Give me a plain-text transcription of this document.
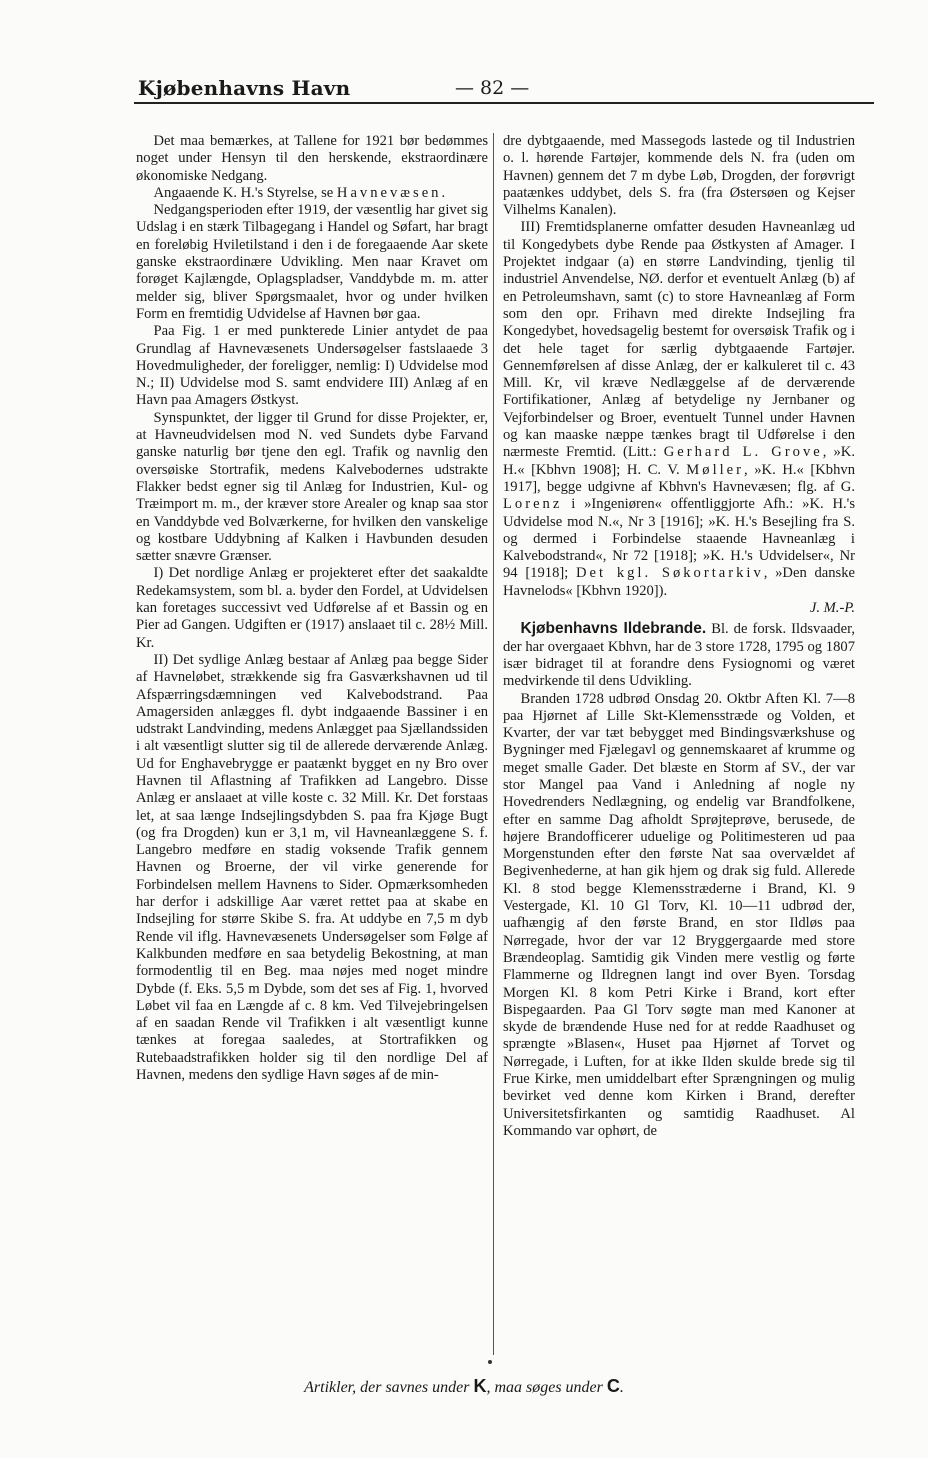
Kjøbenhavns Havn	— 82 —

Det maa bemærkes, at Tallene for 1921 bør bedømmes noget under Hensyn til den herskende, ekstraordinære økonomiske Nedgang.

Angaaende K. H.'s Styrelse, se Havnevæsen.

Nedgangsperioden efter 1919, der væsentlig har givet sig Udslag i en stærk Tilbagegang i Handel og Søfart, har bragt en foreløbig Hviletilstand i den i de foregaaende Aar skete ganske ekstraordinære Udvikling. Men naar Kravet om forøget Kajlængde, Oplagspladser, Vanddybde m. m. atter melder sig, bliver Spørgsmaalet, hvor og under hvilken Form en fremtidig Udvidelse af Havnen bør gaa.

Paa Fig. 1 er med punkterede Linier antydet de paa Grundlag af Havnevæsenets Undersøgelser fastslaaede 3 Hovedmuligheder, der foreligger, nemlig: I) Udvidelse mod N.; II) Udvidelse mod S. samt endvidere III) Anlæg af en Havn paa Amagers Østkyst.

Synspunktet, der ligger til Grund for disse Projekter, er, at Havneudvidelsen mod N. ved Sundets dybe Farvand ganske naturlig bør tjene den egl. Trafik og navnlig den oversøiske Stortrafik, medens Kalvebodernes udstrakte Flakker bedst egner sig til Anlæg for Industrien, Kul- og Træimport m. m., der kræver store Arealer og knap saa stor en Vanddybde ved Bolværkerne, for hvilken den vanskelige og kostbare Uddybning af Kalken i Havbunden desuden sætter snævre Grænser.

I) Det nordlige Anlæg er projekteret efter det saakaldte Redekamsystem, som bl. a. byder den Fordel, at Udvidelsen kan foretages successivt ved Udførelse af et Bassin og en Pier ad Gangen. Udgiften er (1917) anslaaet til c. 28½ Mill. Kr.

II) Det sydlige Anlæg bestaar af Anlæg paa begge Sider af Havneløbet, strækkende sig fra Gasværkshavnen ud til Afspærringsdæmningen ved Kalvebodstrand. Paa Amagersiden anlægges fl. dybt indgaaende Bassiner i en udstrakt Landvinding, medens Anlægget paa Sjællandssiden i alt væsentligt slutter sig til de allerede derværende Anlæg. Ud for Enghavebrygge er paatænkt bygget en ny Bro over Havnen til Aflastning af Trafikken ad Langebro. Disse Anlæg er anslaaet at ville koste c. 32 Mill. Kr. Det forstaas let, at saa længe Indsejlingsdybden S. paa fra Kjøge Bugt (og fra Drogden) kun er 3,1 m, vil Havneanlæggene S. f. Langebro medføre en stadig voksende Trafik gennem Havnen og Broerne, der vil virke generende for Forbindelsen mellem Havnens to Sider. Opmærksomheden har derfor i adskillige Aar været rettet paa at skabe en Indsejling for større Skibe S. fra. At uddybe en 7,5 m dyb Rende vil iflg. Havnevæsenets Undersøgelser som Følge af Kalkbunden medføre en saa betydelig Bekostning, at man formodentlig til en Beg. maa nøjes med noget mindre Dybde (f. Eks. 5,5 m Dybde, som det ses af Fig. 1, hvorved Løbet vil faa en Længde af c. 8 km. Ved Tilvejebringelsen af en saadan Rende vil Trafikken i alt væsentligt kunne tænkes at foregaa saaledes, at Stortrafikken og Rutebaadstrafikken holder sig til den nordlige Del af Havnen, medens den sydlige Havn søges af de min-

dre dybtgaaende, med Massegods lastede og til Industrien o. l. hørende Fartøjer, kommende dels N. fra (uden om Havnen) gennem det 7 m dybe Løb, Drogden, der forøvrigt paatænkes uddybet, dels S. fra (fra Østersøen og Kejser Vilhelms Kanalen).

III) Fremtidsplanerne omfatter desuden Havneanlæg ud til Kongedybets dybe Rende paa Østkysten af Amager. I Projektet indgaar (a) en større Landvinding, tjenlig til industriel Anvendelse, NØ. derfor et eventuelt Anlæg (b) af en Petroleumshavn, samt (c) to store Havneanlæg af Form som den opr. Frihavn med direkte Indsejling fra Kongedybet, hovedsagelig bestemt for oversøisk Trafik og i det hele taget for særlig dybtgaaende Fartøjer. Gennemførelsen af disse Anlæg, der er kalkuleret til c. 43 Mill. Kr, vil kræve Nedlæggelse af de derværende Fortifikationer, Anlæg af betydelige ny Jernbaner og Vejforbindelser og Broer, eventuelt Tunnel under Havnen og kan maaske næppe tænkes bragt til Udførelse i den nærmeste Fremtid. (Litt.: Gerhard L. Grove, »K. H.« [Kbhvn 1908]; H. C. V. Møller, »K. H.« [Kbhvn 1917], begge udgivne af Kbhvn's Havnevæsen; flg. af G. Lorenz i »Ingeniøren« offentliggjorte Afh.: »K. H.'s Udvidelse mod N.«, Nr 3 [1916]; »K. H.'s Besejling fra S. og dermed i Forbindelse staaende Havneanlæg i Kalvebodstrand«, Nr 72 [1918]; »K. H.'s Udvidelser«, Nr 94 [1918]; Det kgl. Søkortarkiv, »Den danske Havnelods« [Kbhvn 1920]).
J. M.-P.

Kjøbenhavns Ildebrande. Bl. de forsk. Ildsvaader, der har overgaaet Kbhvn, har de 3 store 1728, 1795 og 1807 især bidraget til at forandre dens Fysiognomi og været medvirkende til dens Udvikling.

Branden 1728 udbrød Onsdag 20. Oktbr Aften Kl. 7—8 paa Hjørnet af Lille Skt-Klemensstræde og Volden, et Kvarter, der var tæt bebygget med Bindingsværkshuse og Bygninger med Fjælegavl og gennemskaaret af krumme og meget smalle Gader. Det blæste en Storm af SV., der var stor Mangel paa Vand i Anledning af nogle ny Hovedrenders Nedlægning, og endelig var Brandfolkene, efter en samme Dag afholdt Sprøjteprøve, berusede, de højere Brandofficerer uduelige og Politimesteren ud paa Morgenstunden efter den første Nat saa overvældet af Begivenhederne, at han gik hjem og drak sig fuld. Allerede Kl. 8 stod begge Klemensstræderne i Brand, Kl. 9 Vestergade, Kl. 10 Gl Torv, Kl. 10—11 udbrød der, uafhængig af den første Brand, en stor Ildløs paa Nørregade, hvor der var 12 Bryggergaarde med store Brændeoplag. Samtidig gik Vinden mere vestlig og førte Flammerne og Ildregnen langt ind over Byen. Torsdag Morgen Kl. 8 kom Petri Kirke i Brand, kort efter Bispegaarden. Paa Gl Torv søgte man med Kanoner at skyde de brændende Huse ned for at redde Raadhuset og sprængte »Blasen«, Huset paa Hjørnet af Torvet og Nørregade, i Luften, for at ikke Ilden skulde brede sig til Frue Kirke, men umiddelbart efter Sprængningen og mulig bevirket ved denne kom Kirken i Brand, derefter Universitetsfirkanten og samtidig Raadhuset. Al Kommando var ophørt, de

Artikler, der savnes under K, maa søges under C.
